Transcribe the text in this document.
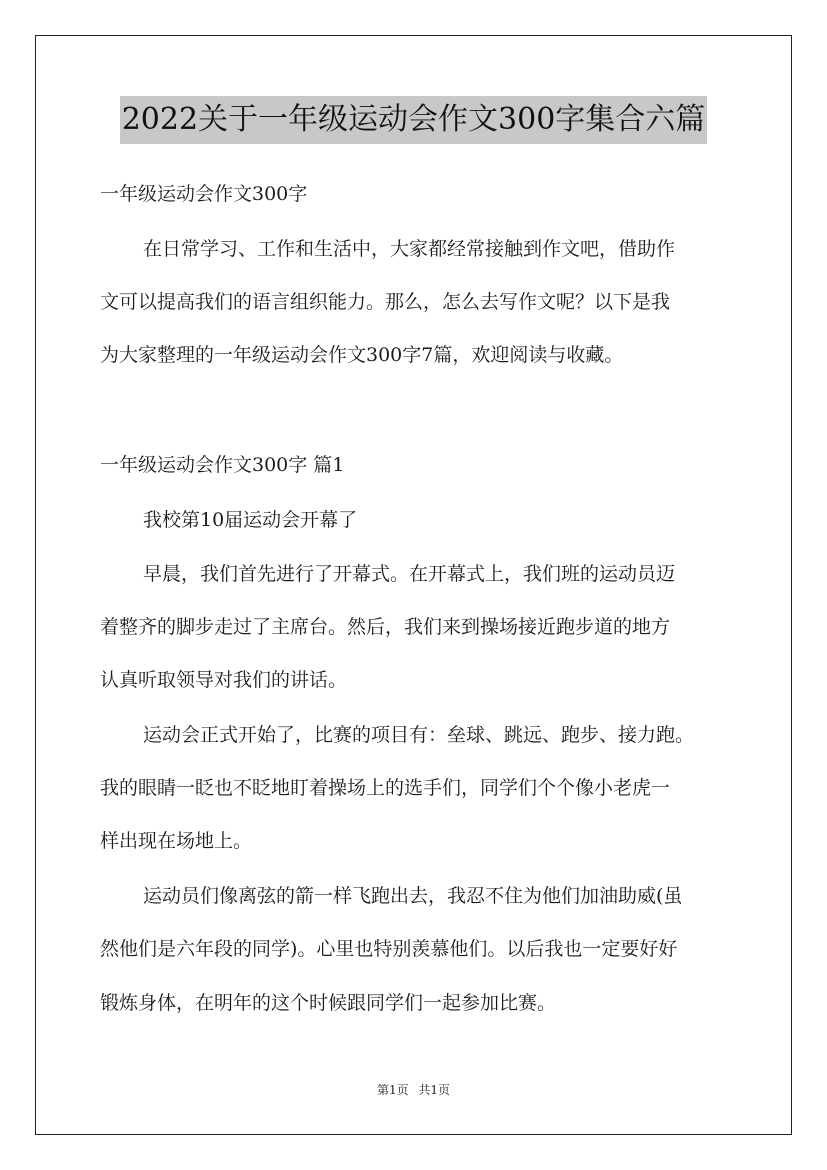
2022关于一年级运动会作文300字集合六篇
一年级运动会作文300字
在日常学习、工作和生活中，大家都经常接触到作文吧，借助作
文可以提高我们的语言组织能力。那么，怎么去写作文呢？以下是我
为大家整理的一年级运动会作文300字7篇，欢迎阅读与收藏。
一年级运动会作文300字 篇1
我校第10届运动会开幕了
早晨，我们首先进行了开幕式。在开幕式上，我们班的运动员迈
着整齐的脚步走过了主席台。然后，我们来到操场接近跑步道的地方
认真听取领导对我们的讲话。
运动会正式开始了，比赛的项目有：垒球、跳远、跑步、接力跑。
我的眼睛一眨也不眨地盯着操场上的选手们，同学们个个像小老虎一
样出现在场地上。
运动员们像离弦的箭一样飞跑出去，我忍不住为他们加油助威(虽
然他们是六年段的同学)。心里也特别羡慕他们。以后我也一定要好好
锻炼身体，在明年的这个时候跟同学们一起参加比赛。
第1页 共1页
